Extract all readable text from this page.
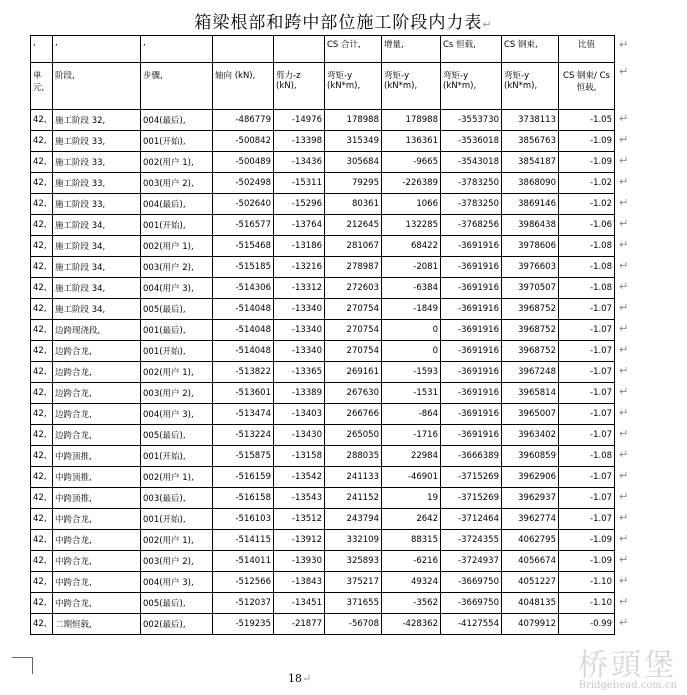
箱梁根部和跨中部位施工阶段内力表↵
,	,	,			CS 合计,	增量,	Cs 恒载,	CS 钢束,	比值
单元,	阶段,	步骤,	轴向 (kN),	剪力-z (kN),	弯矩-y (kN*m),	弯矩-y (kN*m),	弯矩-y (kN*m),	弯矩-y (kN*m),	CS 钢束/ Cs 恒载,
42,	施工阶段 32,	004(最后),	-486779	-14976	178988	178988	-3553730	3738113	-1.05
42,	施工阶段 33,	001(开始),	-500842	-13398	315349	136361	-3536018	3856763	-1.09
42,	施工阶段 33,	002(用户 1),	-500489	-13436	305684	-9665	-3543018	3854187	-1.09
42,	施工阶段 33,	003(用户 2),	-502498	-15311	79295	-226389	-3783250	3868090	-1.02
42,	施工阶段 33,	004(最后),	-502640	-15296	80361	1066	-3783250	3869146	-1.02
42,	施工阶段 34,	001(开始),	-516577	-13764	212645	132285	-3768256	3986438	-1.06
42,	施工阶段 34,	002(用户 1),	-515468	-13186	281067	68422	-3691916	3978606	-1.08
42,	施工阶段 34,	003(用户 2),	-515185	-13216	278987	-2081	-3691916	3976603	-1.08
42,	施工阶段 34,	004(用户 3),	-514306	-13312	272603	-6384	-3691916	3970507	-1.08
42,	施工阶段 34,	005(最后),	-514048	-13340	270754	-1849	-3691916	3968752	-1.07
42,	边跨现浇段,	001(最后),	-514048	-13340	270754	0	-3691916	3968752	-1.07
42,	边跨合龙,	001(开始),	-514048	-13340	270754	0	-3691916	3968752	-1.07
42,	边跨合龙,	002(用户 1),	-513822	-13365	269161	-1593	-3691916	3967248	-1.07
42,	边跨合龙,	003(用户 2),	-513601	-13389	267630	-1531	-3691916	3965814	-1.07
42,	边跨合龙,	004(用户 3),	-513474	-13403	266766	-864	-3691916	3965007	-1.07
42,	边跨合龙,	005(最后),	-513224	-13430	265050	-1716	-3691916	3963402	-1.07
42,	中跨顶推,	001(开始),	-515875	-13158	288035	22984	-3666389	3960859	-1.08
42,	中跨顶推,	002(用户 1),	-516159	-13542	241133	-46901	-3715269	3962906	-1.07
42,	中跨顶推,	003(最后),	-516158	-13543	241152	19	-3715269	3962937	-1.07
42,	中跨合龙,	001(开始),	-516103	-13512	243794	2642	-3712464	3962774	-1.07
42,	中跨合龙,	002(用户 1),	-514115	-13912	332109	88315	-3724355	4062795	-1.09
42,	中跨合龙,	003(用户 2),	-514011	-13930	325893	-6216	-3724937	4056674	-1.09
42,	中跨合龙,	004(用户 3),	-512566	-13843	375217	49324	-3669750	4051227	-1.10
42,	中跨合龙,	005(最后),	-512037	-13451	371655	-3562	-3669750	4048135	-1.10
42,	二期恒载,	002(最后),	-519235	-21877	-56708	-428362	-4127554	4079912	-0.99
↵
↵
↵
↵
↵
↵
↵
↵
↵
↵
↵
↵
↵
↵
↵
↵
↵
↵
↵
↵
↵
↵
↵
↵
↵
↵
↵
18↵	桥頭堡
Bridgehead.com.cn
